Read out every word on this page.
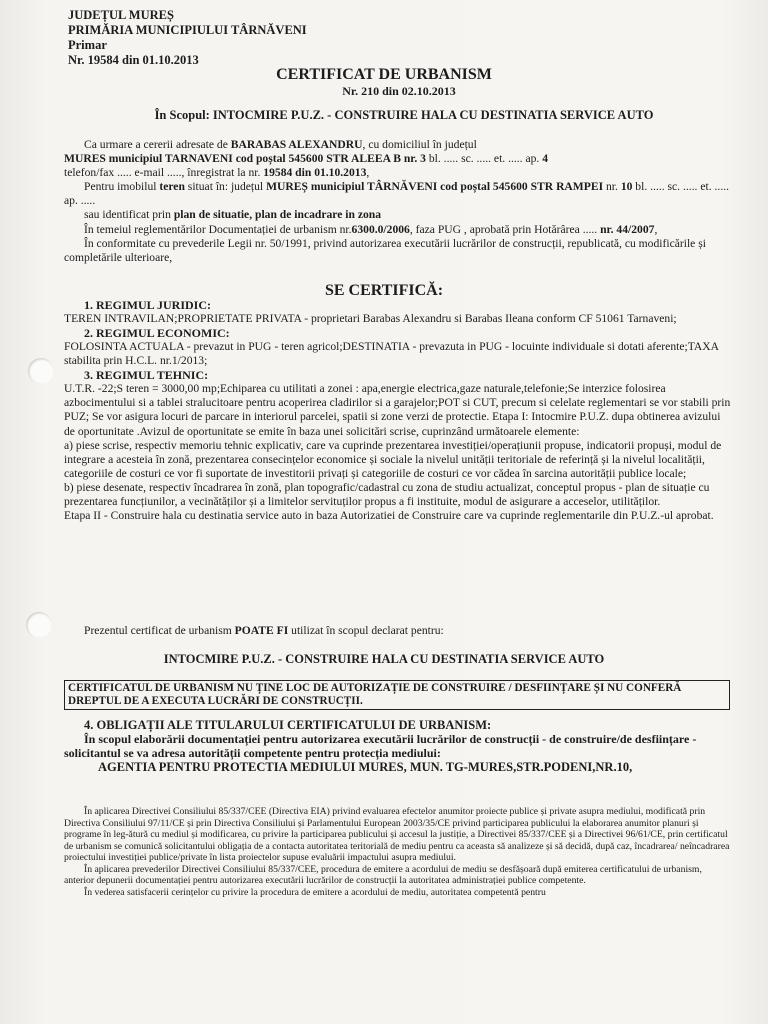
JUDEȚUL MUREȘ
PRIMĂRIA MUNICIPIULUI TÂRNĂVENI
Primar
Nr. 19584 din 01.10.2013
CERTIFICAT DE URBANISM
Nr. 210 din 02.10.2013
În Scopul: INTOCMIRE P.U.Z. - CONSTRUIRE HALA CU DESTINATIA SERVICE AUTO

Ca urmare a cererii adresate de BARABAS ALEXANDRU, cu domiciliul în județul
MURES municipiul TARNAVENI cod poștal 545600 STR ALEEA B nr. 3 bl. ..... sc. ..... et. ..... ap. 4
telefon/fax ..... e-mail ....., înregistrat la nr. 19584 din 01.10.2013,

Pentru imobilul teren situat în: județul MUREȘ municipiul TÂRNĂVENI cod poștal 545600 STR RAMPEI nr. 10 bl. ..... sc. ..... et. ..... ap. .....

sau identificat prin plan de situatie, plan de incadrare in zona

În temeiul reglementărilor Documentației de urbanism nr.6300.0/2006, faza PUG , aprobată prin Hotărârea ..... nr. 44/2007,

În conformitate cu prevederile Legii nr. 50/1991, privind autorizarea executării lucrărilor de construcții, republicată, cu modificările și completările ulterioare,

SE CERTIFICĂ:

1. REGIMUL JURIDIC:

TEREN INTRAVILAN;PROPRIETATE PRIVATA - proprietari Barabas Alexandru si Barabas Ileana conform CF 51061 Tarnaveni;

2. REGIMUL ECONOMIC:

FOLOSINTA ACTUALA - prevazut in PUG - teren agricol;DESTINATIA - prevazuta in PUG - locuinte individuale si dotati aferente;TAXA stabilita prin H.C.L. nr.1/2013;

3. REGIMUL TEHNIC:

U.T.R. -22;S teren = 3000,00 mp;Echiparea cu utilitati a zonei : apa,energie electrica,gaze naturale,telefonie;Se interzice folosirea azbocimentului si a tablei stralucitoare pentru acoperirea cladirilor si a garajelor;POT si CUT, precum si celelate reglementari se vor stabili prin PUZ; Se vor asigura locuri de parcare in interiorul parcelei, spatii si zone verzi de protectie. Etapa I: Intocmire P.U.Z. dupa obtinerea avizului de oportunitate .Avizul de oportunitate se emite în baza unei solicitări scrise, cuprinzând următoarele elemente:

a) piese scrise, respectiv memoriu tehnic explicativ, care va cuprinde prezentarea investiției/operațiunii propuse, indicatorii propuși, modul de integrare a acesteia în zonă, prezentarea consecințelor economice și sociale la nivelul unității teritoriale de referință și la nivelul localității, categoriile de costuri ce vor fi suportate de investitorii privați și categoriile de costuri ce vor cădea în sarcina autorității publice locale;

b) piese desenate, respectiv încadrarea în zonă, plan topografic/cadastral cu zona de studiu actualizat, conceptul propus - plan de situație cu prezentarea funcțiunilor, a vecinătăților și a limitelor servituților propus a fi instituite, modul de asigurare a acceselor, utilităților.

Etapa II - Construire hala cu destinatia service auto in baza Autorizatiei de Construire care va cuprinde reglementarile din P.U.Z.-ul aprobat.

Prezentul certificat de urbanism POATE FI utilizat în scopul declarat pentru:

INTOCMIRE P.U.Z. - CONSTRUIRE HALA CU DESTINATIA SERVICE AUTO
CERTIFICATUL DE URBANISM NU ȚINE LOC DE AUTORIZAȚIE DE CONSTRUIRE / DESFIINȚARE ȘI NU CONFERĂ DREPTUL DE A EXECUTA LUCRĂRI DE CONSTRUCȚII.

4. OBLIGAȚII ALE TITULARULUI CERTIFICATULUI DE URBANISM:

În scopul elaborării documentației pentru autorizarea executării lucrărilor de construcții - de construire/de desființare - solicitantul se va adresa autorității competente pentru protecția mediului:

AGENTIA PENTRU PROTECTIA MEDIULUI MURES, MUN. TG-MURES,STR.PODENI,NR.10,

În aplicarea Directivei Consiliului 85/337/CEE (Directiva EIA) privind evaluarea efectelor anumitor proiecte publice și private asupra mediului, modificată prin Directiva Consiliului 97/11/CE și prin Directiva Consiliului și Parlamentului European 2003/35/CE privind participarea publicului la elaborarea anumitor planuri și programe în leg-ătură cu mediul și modificarea, cu privire la participarea publicului și accesul la justiție, a Directivei 85/337/CEE și a Directivei 96/61/CE, prin certificatul de urbanism se comunică solicitantului obligația de a contacta autoritatea teritorială de mediu pentru ca aceasta să analizeze și să decidă, după caz, încadrarea/ neîncadrarea proiectului investiției publice/private în lista proiectelor supuse evaluării impactului asupra mediului.

În aplicarea prevederilor Directivei Consiliului 85/337/CEE, procedura de emitere a acordului de mediu se desfășoară după emiterea certificatului de urbanism, anterior depunerii documentației pentru autorizarea executării lucrărilor de construcții la autoritatea administrației publice competente.

În vederea satisfacerii cerințelor cu privire la procedura de emitere a acordului de mediu, autoritatea competentă pentru
